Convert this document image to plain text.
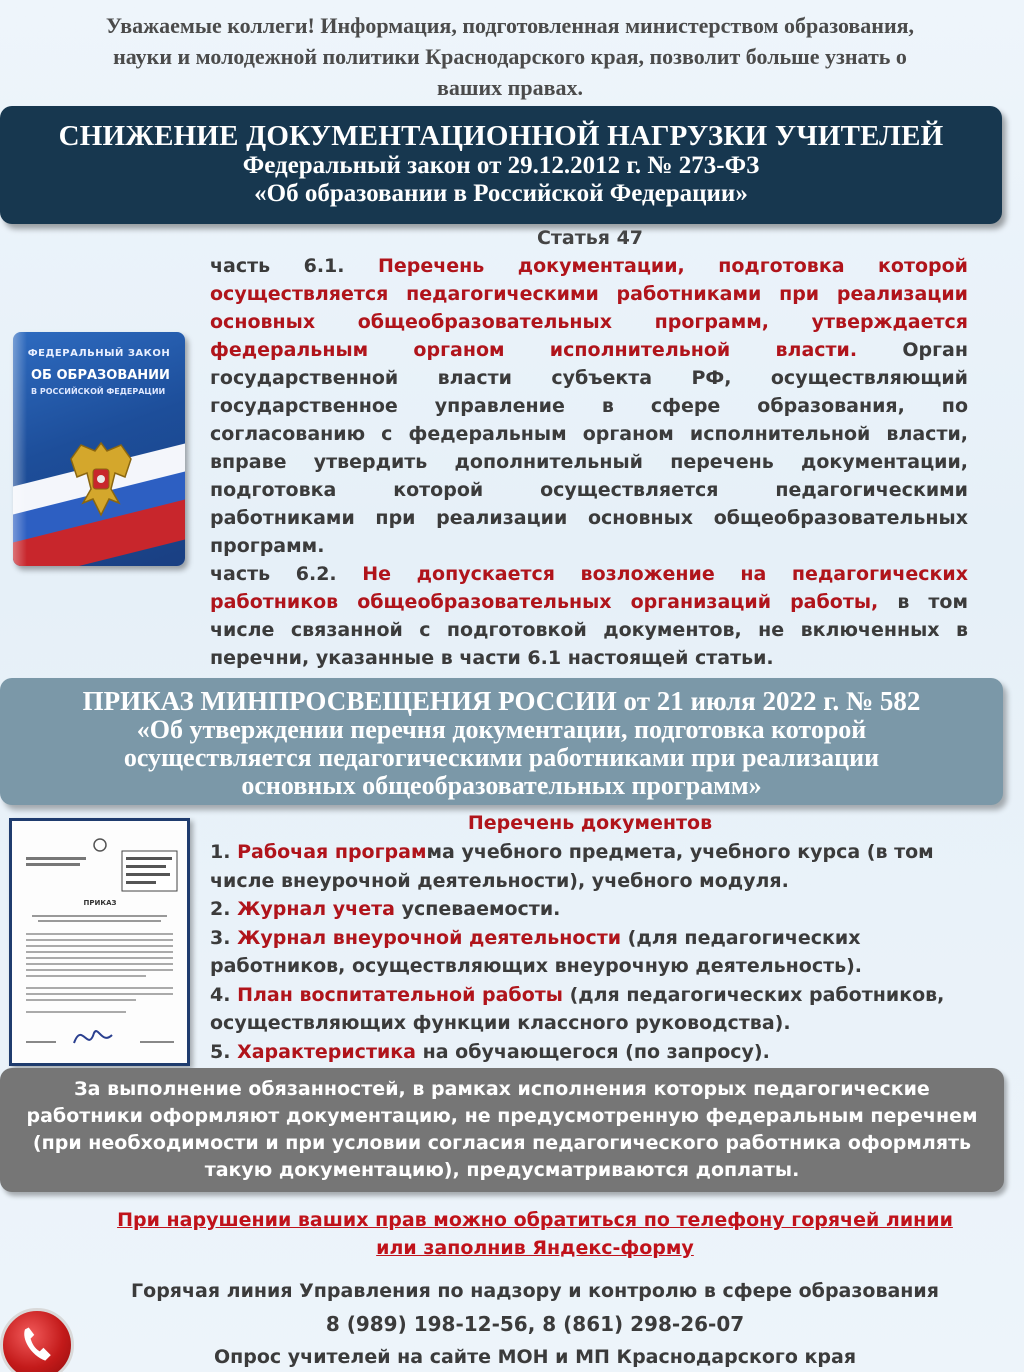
Уважаемые коллеги! Информация, подготовленная министерством образования, науки и молодежной политики Краснодарского края, позволит больше узнать о ваших правах.
СНИЖЕНИЕ ДОКУМЕНТАЦИОННОЙ НАГРУЗКИ УЧИТЕЛЕЙ
Федеральный закон от 29.12.2012 г. № 273-ФЗ
«Об образовании в Российской Федерации»
Статья 47
часть 6.1. Перечень документации, подготовка которой осуществляется педагогическими работниками при реализации основных общеобразовательных программ, утверждается федеральным органом исполнительной власти. Орган государственной власти субъекта РФ, осуществляющий государственное управление в сфере образования, по согласованию с федеральным органом исполнительной власти, вправе утвердить дополнительный перечень документации, подготовка которой осуществляется педагогическими работниками при реализации основных общеобразовательных программ.
ФЕДЕРАЛЬНЫЙ ЗАКОН
ОБ ОБРАЗОВАНИИ
В РОССИЙСКОЙ ФЕДЕРАЦИИ
часть 6.2. Не допускается возложение на педагогических работников общеобразовательных организаций работы, в том числе связанной с подготовкой документов, не включенных в перечни, указанные в части 6.1 настоящей статьи.
ПРИКАЗ МИНПРОСВЕЩЕНИЯ РОССИИ от 21 июля 2022 г. № 582
«Об утверждении перечня документации, подготовка которой
осуществляется педагогическими работниками при реализации
основных общеобразовательных программ»
ПРИКАЗ
Перечень документов
1. Рабочая программа учебного предмета, учебного курса (в том числе внеурочной деятельности), учебного модуля.
2. Журнал учета успеваемости.
3. Журнал внеурочной деятельности (для педагогических работников, осуществляющих внеурочную деятельность).
4. План воспитательной работы (для педагогических работников, осуществляющих функции классного руководства).
5. Характеристика на обучающегося (по запросу).
За выполнение обязанностей, в рамках исполнения которых педагогические работники оформляют документацию, не предусмотренную федеральным перечнем (при необходимости и при условии согласия педагогического работника оформлять такую документацию), предусматриваются доплаты.
При нарушении ваших прав можно обратиться по телефону горячей линии
или заполнив Яндекс-форму
Горячая линия Управления по надзору и контролю в сфере образования
8 (989) 198-12-56, 8 (861) 298-26-07
Опрос учителей на сайте МОН и МП Краснодарского края
